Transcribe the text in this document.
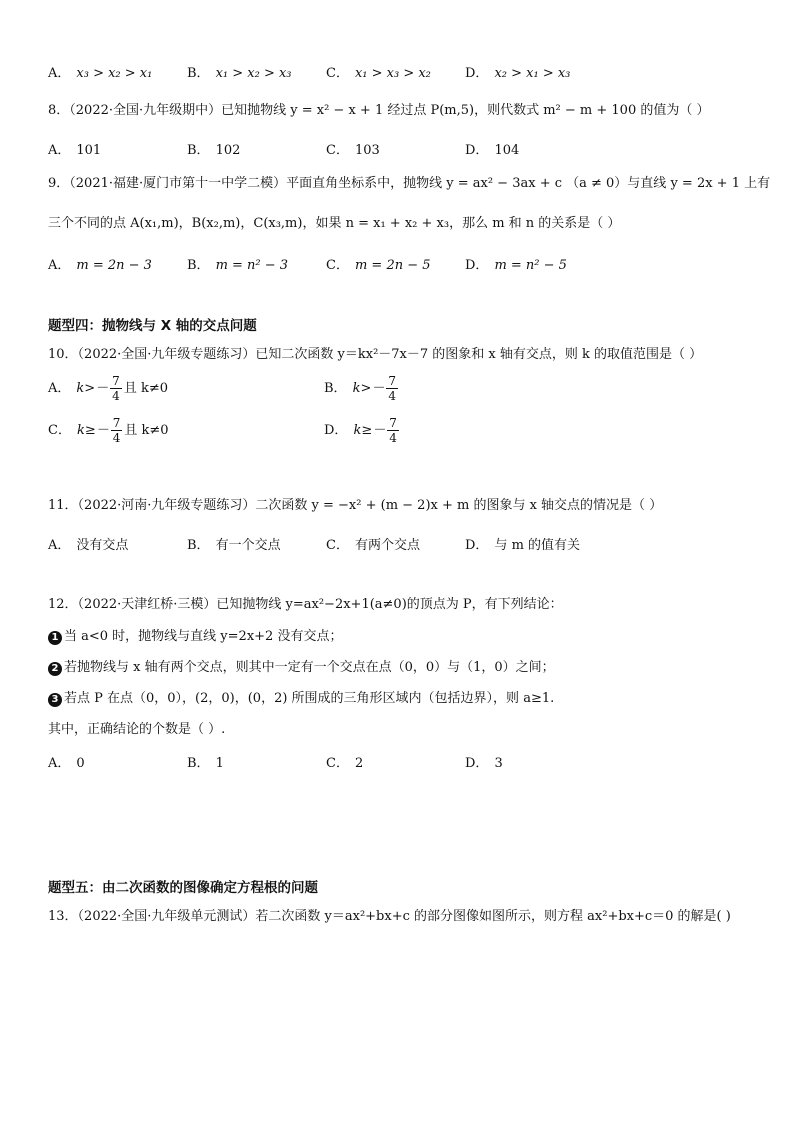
A． x₃ > x₂ > x₁	B． x₁ > x₂ > x₃	C． x₁ > x₃ > x₂	D． x₂ > x₁ > x₃
8．（2022·全国·九年级期中）已知抛物线 y = x² − x + 1 经过点 P(m,5)，则代数式 m² − m + 100 的值为（ ）
A． 101	B． 102	C． 103	D． 104
9．（2021·福建·厦门市第十一中学二模）平面直角坐标系中，抛物线 y = ax² − 3ax + c （a ≠ 0）与直线 y = 2x + 1 上有
三个不同的点 A(x₁,m)，B(x₂,m)，C(x₃,m)，如果 n = x₁ + x₂ + x₃，那么 m 和 n 的关系是（ ）
A． m = 2n − 3	B． m = n² − 3	C． m = 2n − 5	D． m = n² − 5
题型四：抛物线与 X 轴的交点问题
10．（2022·全国·九年级专题练习）已知二次函数 y＝kx²－7x－7 的图象和 x 轴有交点，则 k 的取值范围是（ ）
A． $k>- \frac{7}{4}$ 且 k≠0	B． $k>- \frac{7}{4}$
C． $k\ge- \frac{7}{4}$ 且 k≠0	D． $k\ge- \frac{7}{4}$
11．（2022·河南·九年级专题练习）二次函数 y = −x² + (m − 2)x + m 的图象与 x 轴交点的情况是（ ）
A． 没有交点	B． 有一个交点	C． 有两个交点	D． 与 m 的值有关
12．（2022·天津红桥·三模）已知抛物线 y=ax²−2x+1(a≠0)的顶点为 P，有下列结论：
1 当 a<0 时，抛物线与直线 y=2x+2 没有交点；
2 若抛物线与 x 轴有两个交点，则其中一定有一个交点在点（0，0）与（1，0）之间；
3 若点 P 在点（0，0），(2，0)，(0，2) 所围成的三角形区域内（包括边界），则 a≥1.
其中，正确结论的个数是（ ）.
A． 0	B． 1	C． 2	D． 3
题型五：由二次函数的图像确定方程根的问题
13．（2022·全国·九年级单元测试）若二次函数 y＝ax²+bx+c 的部分图像如图所示，则方程 ax²+bx+c＝0 的解是( )
